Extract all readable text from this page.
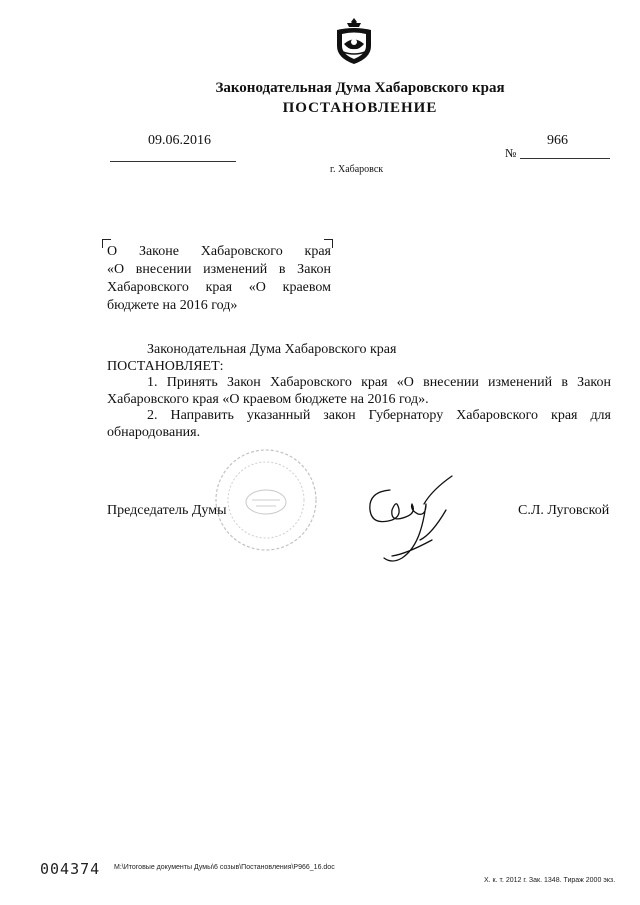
Законодательная Дума Хабаровского края
ПОСТАНОВЛЕНИЕ
09.06.2016
№
966
г. Хабаровск
О Законе Хабаровского края
«О внесении изменений в Закон
Хабаровского края «О краевом
бюджете на 2016 год»
Законодательная Дума Хабаровского края
ПОСТАНОВЛЯЕТ:
1. Принять Закон Хабаровского края «О внесении изменений в Закон Хабаровского края «О краевом бюджете на 2016 год».
2. Направить указанный закон Губернатору Хабаровского края для обнародования.
Председатель Думы	С.Л. Луговской
004374 M:\Итоговые документы Думы\6 созыв\Постановления\P966_16.doc
Х. к. т. 2012 г. Зак. 1348. Тираж 2000 экз.
